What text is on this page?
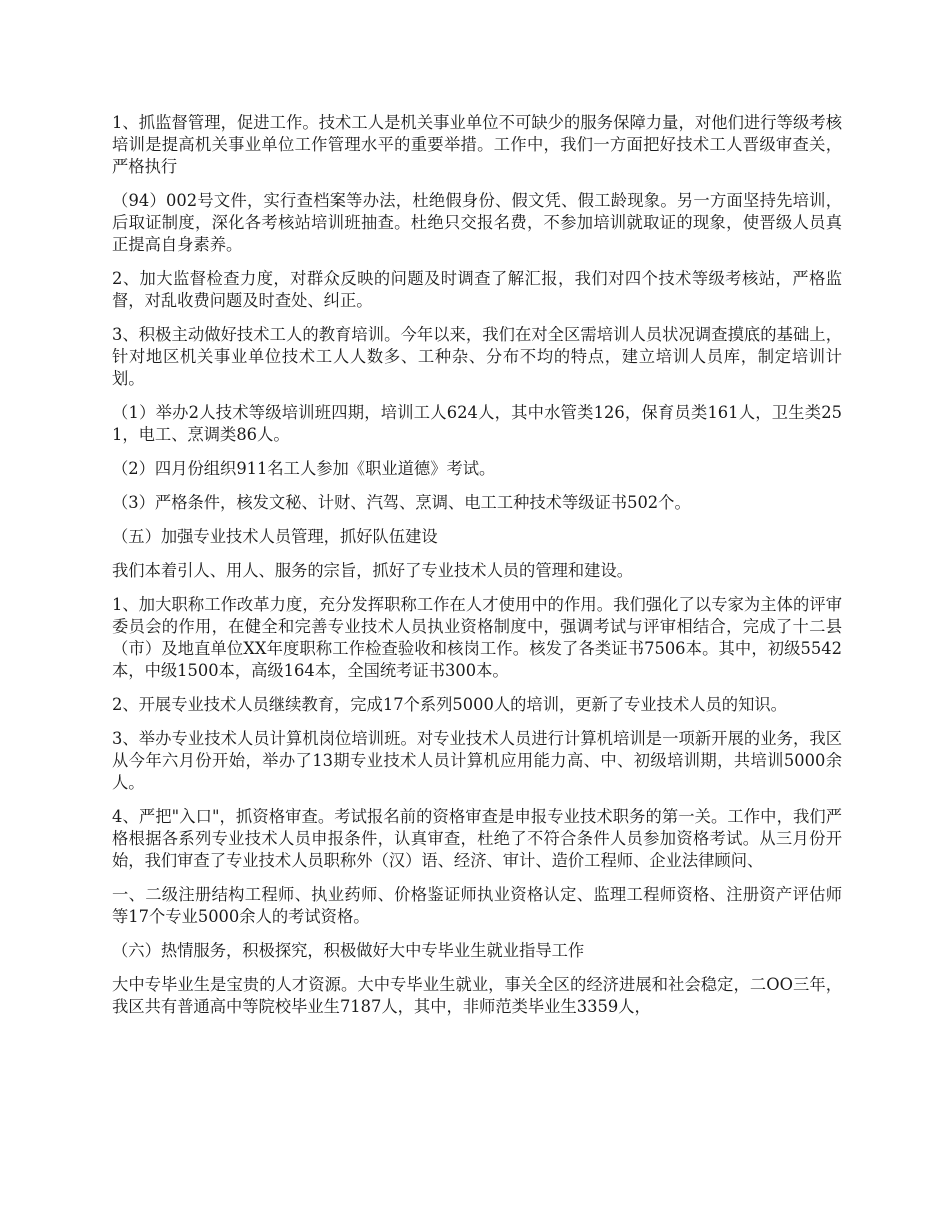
1、抓监督管理，促进工作。技术工人是机关事业单位不可缺少的服务保障力量，对他们进行等级考核培训是提高机关事业单位工作管理水平的重要举措。工作中，我们一方面把好技术工人晋级审查关，严格执行

（94）002号文件，实行查档案等办法，杜绝假身份、假文凭、假工龄现象。另一方面坚持先培训，后取证制度，深化各考核站培训班抽查。杜绝只交报名费，不参加培训就取证的现象，使晋级人员真正提高自身素养。

2、加大监督检查力度，对群众反映的问题及时调查了解汇报，我们对四个技术等级考核站，严格监督，对乱收费问题及时查处、纠正。

3、积极主动做好技术工人的教育培训。今年以来，我们在对全区需培训人员状况调查摸底的基础上，针对地区机关事业单位技术工人人数多、工种杂、分布不均的特点，建立培训人员库，制定培训计划。

（1）举办2人技术等级培训班四期，培训工人624人，其中水管类126，保育员类161人，卫生类251，电工、烹调类86人。

（2）四月份组织911名工人参加《职业道德》考试。

（3）严格条件，核发文秘、计财、汽驾、烹调、电工工种技术等级证书502个。

（五）加强专业技术人员管理，抓好队伍建设

我们本着引人、用人、服务的宗旨，抓好了专业技术人员的管理和建设。

1、加大职称工作改革力度，充分发挥职称工作在人才使用中的作用。我们强化了以专家为主体的评审委员会的作用，在健全和完善专业技术人员执业资格制度中，强调考试与评审相结合，完成了十二县（市）及地直单位XX年度职称工作检查验收和核岗工作。核发了各类证书7506本。其中，初级5542本，中级1500本，高级164本，全国统考证书300本。

2、开展专业技术人员继续教育，完成17个系列5000人的培训，更新了专业技术人员的知识。

3、举办专业技术人员计算机岗位培训班。对专业技术人员进行计算机培训是一项新开展的业务，我区从今年六月份开始，举办了13期专业技术人员计算机应用能力高、中、初级培训期，共培训5000余人。

4、严把"入口"，抓资格审查。考试报名前的资格审查是申报专业技术职务的第一关。工作中，我们严格根据各系列专业技术人员申报条件，认真审查，杜绝了不符合条件人员参加资格考试。从三月份开始，我们审查了专业技术人员职称外（汉）语、经济、审计、造价工程师、企业法律顾问、

一、二级注册结构工程师、执业药师、价格鉴证师执业资格认定、监理工程师资格、注册资产评估师等17个专业5000余人的考试资格。

（六）热情服务，积极探究，积极做好大中专毕业生就业指导工作

大中专毕业生是宝贵的人才资源。大中专毕业生就业，事关全区的经济进展和社会稳定，二OO三年，我区共有普通高中等院校毕业生7187人，其中，非师范类毕业生3359人，
